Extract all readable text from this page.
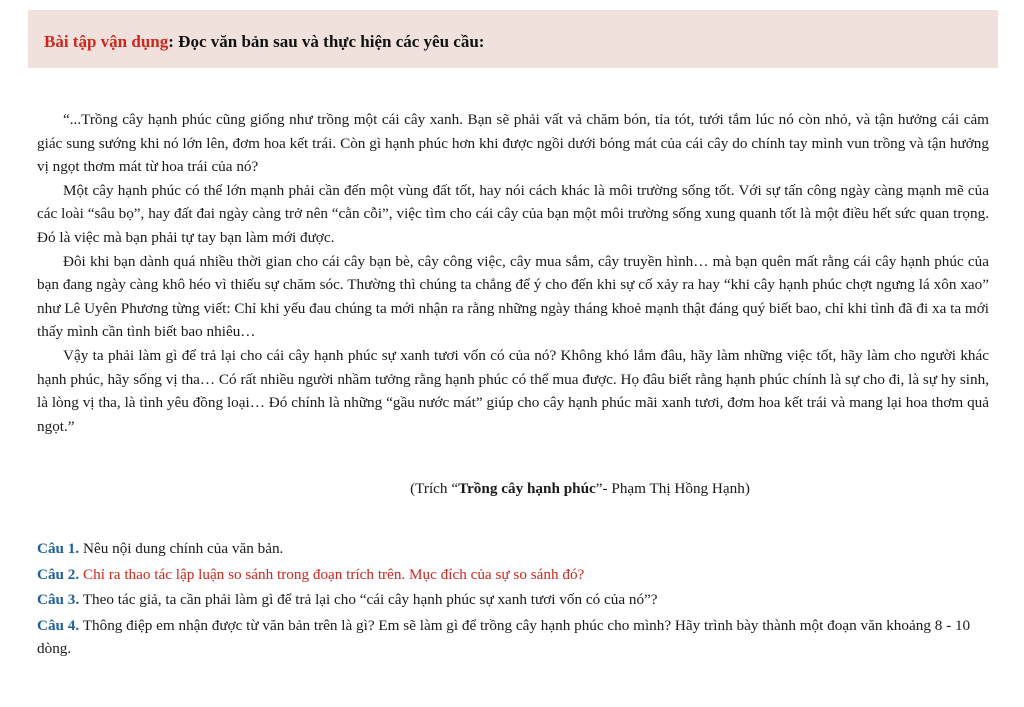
Bài tập vận dụng: Đọc văn bản sau và thực hiện các yêu cầu:

“...Trồng cây hạnh phúc cũng giống như trồng một cái cây xanh. Bạn sẽ phải vất vả chăm bón, tỉa tót, tưới tắm lúc nó còn nhỏ, và tận hưởng cái cảm giác sung sướng khi nó lớn lên, đơm hoa kết trái. Còn gì hạnh phúc hơn khi được ngồi dưới bóng mát của cái cây do chính tay mình vun trồng và tận hưởng vị ngọt thơm mát từ hoa trái của nó?

Một cây hạnh phúc có thể lớn mạnh phải cần đến một vùng đất tốt, hay nói cách khác là môi trường sống tốt. Với sự tấn công ngày càng mạnh mẽ của các loài “sâu bọ”, hay đất đai ngày càng trở nên “cằn cỗi”, việc tìm cho cái cây của bạn một môi trường sống xung quanh tốt là một điều hết sức quan trọng. Đó là việc mà bạn phải tự tay bạn làm mới được.

Đôi khi bạn dành quá nhiều thời gian cho cái cây bạn bè, cây công việc, cây mua sắm, cây truyền hình… mà bạn quên mất rằng cái cây hạnh phúc của bạn đang ngày càng khô héo vì thiếu sự chăm sóc. Thường thì chúng ta chẳng để ý cho đến khi sự cố xảy ra hay “khi cây hạnh phúc chợt ngưng lá xôn xao” như Lê Uyên Phương từng viết: Chỉ khi yếu đau chúng ta mới nhận ra rằng những ngày tháng khoẻ mạnh thật đáng quý biết bao, chỉ khi tình đã đi xa ta mới thấy mình cần tình biết bao nhiêu…

Vậy ta phải làm gì để trả lại cho cái cây hạnh phúc sự xanh tươi vốn có của nó? Không khó lắm đâu, hãy làm những việc tốt, hãy làm cho người khác hạnh phúc, hãy sống vị tha… Có rất nhiều người nhầm tưởng rằng hạnh phúc có thể mua được. Họ đâu biết rằng hạnh phúc chính là sự cho đi, là sự hy sinh, là lòng vị tha, là tình yêu đồng loại… Đó chính là những “gầu nước mát” giúp cho cây hạnh phúc mãi xanh tươi, đơm hoa kết trái và mang lại hoa thơm quả ngọt.”

(Trích “Trồng cây hạnh phúc”- Phạm Thị Hồng Hạnh)
Câu 1. Nêu nội dung chính của văn bản.
Câu 2. Chỉ ra thao tác lập luận so sánh trong đoạn trích trên. Mục đích của sự so sánh đó?
Câu 3. Theo tác giả, ta cần phải làm gì để trả lại cho “cái cây hạnh phúc sự xanh tươi vốn có của nó”?
Câu 4. Thông điệp em nhận được từ văn bản trên là gì? Em sẽ làm gì để trồng cây hạnh phúc cho mình? Hãy trình bày thành một đoạn văn khoảng 8 - 10 dòng.
